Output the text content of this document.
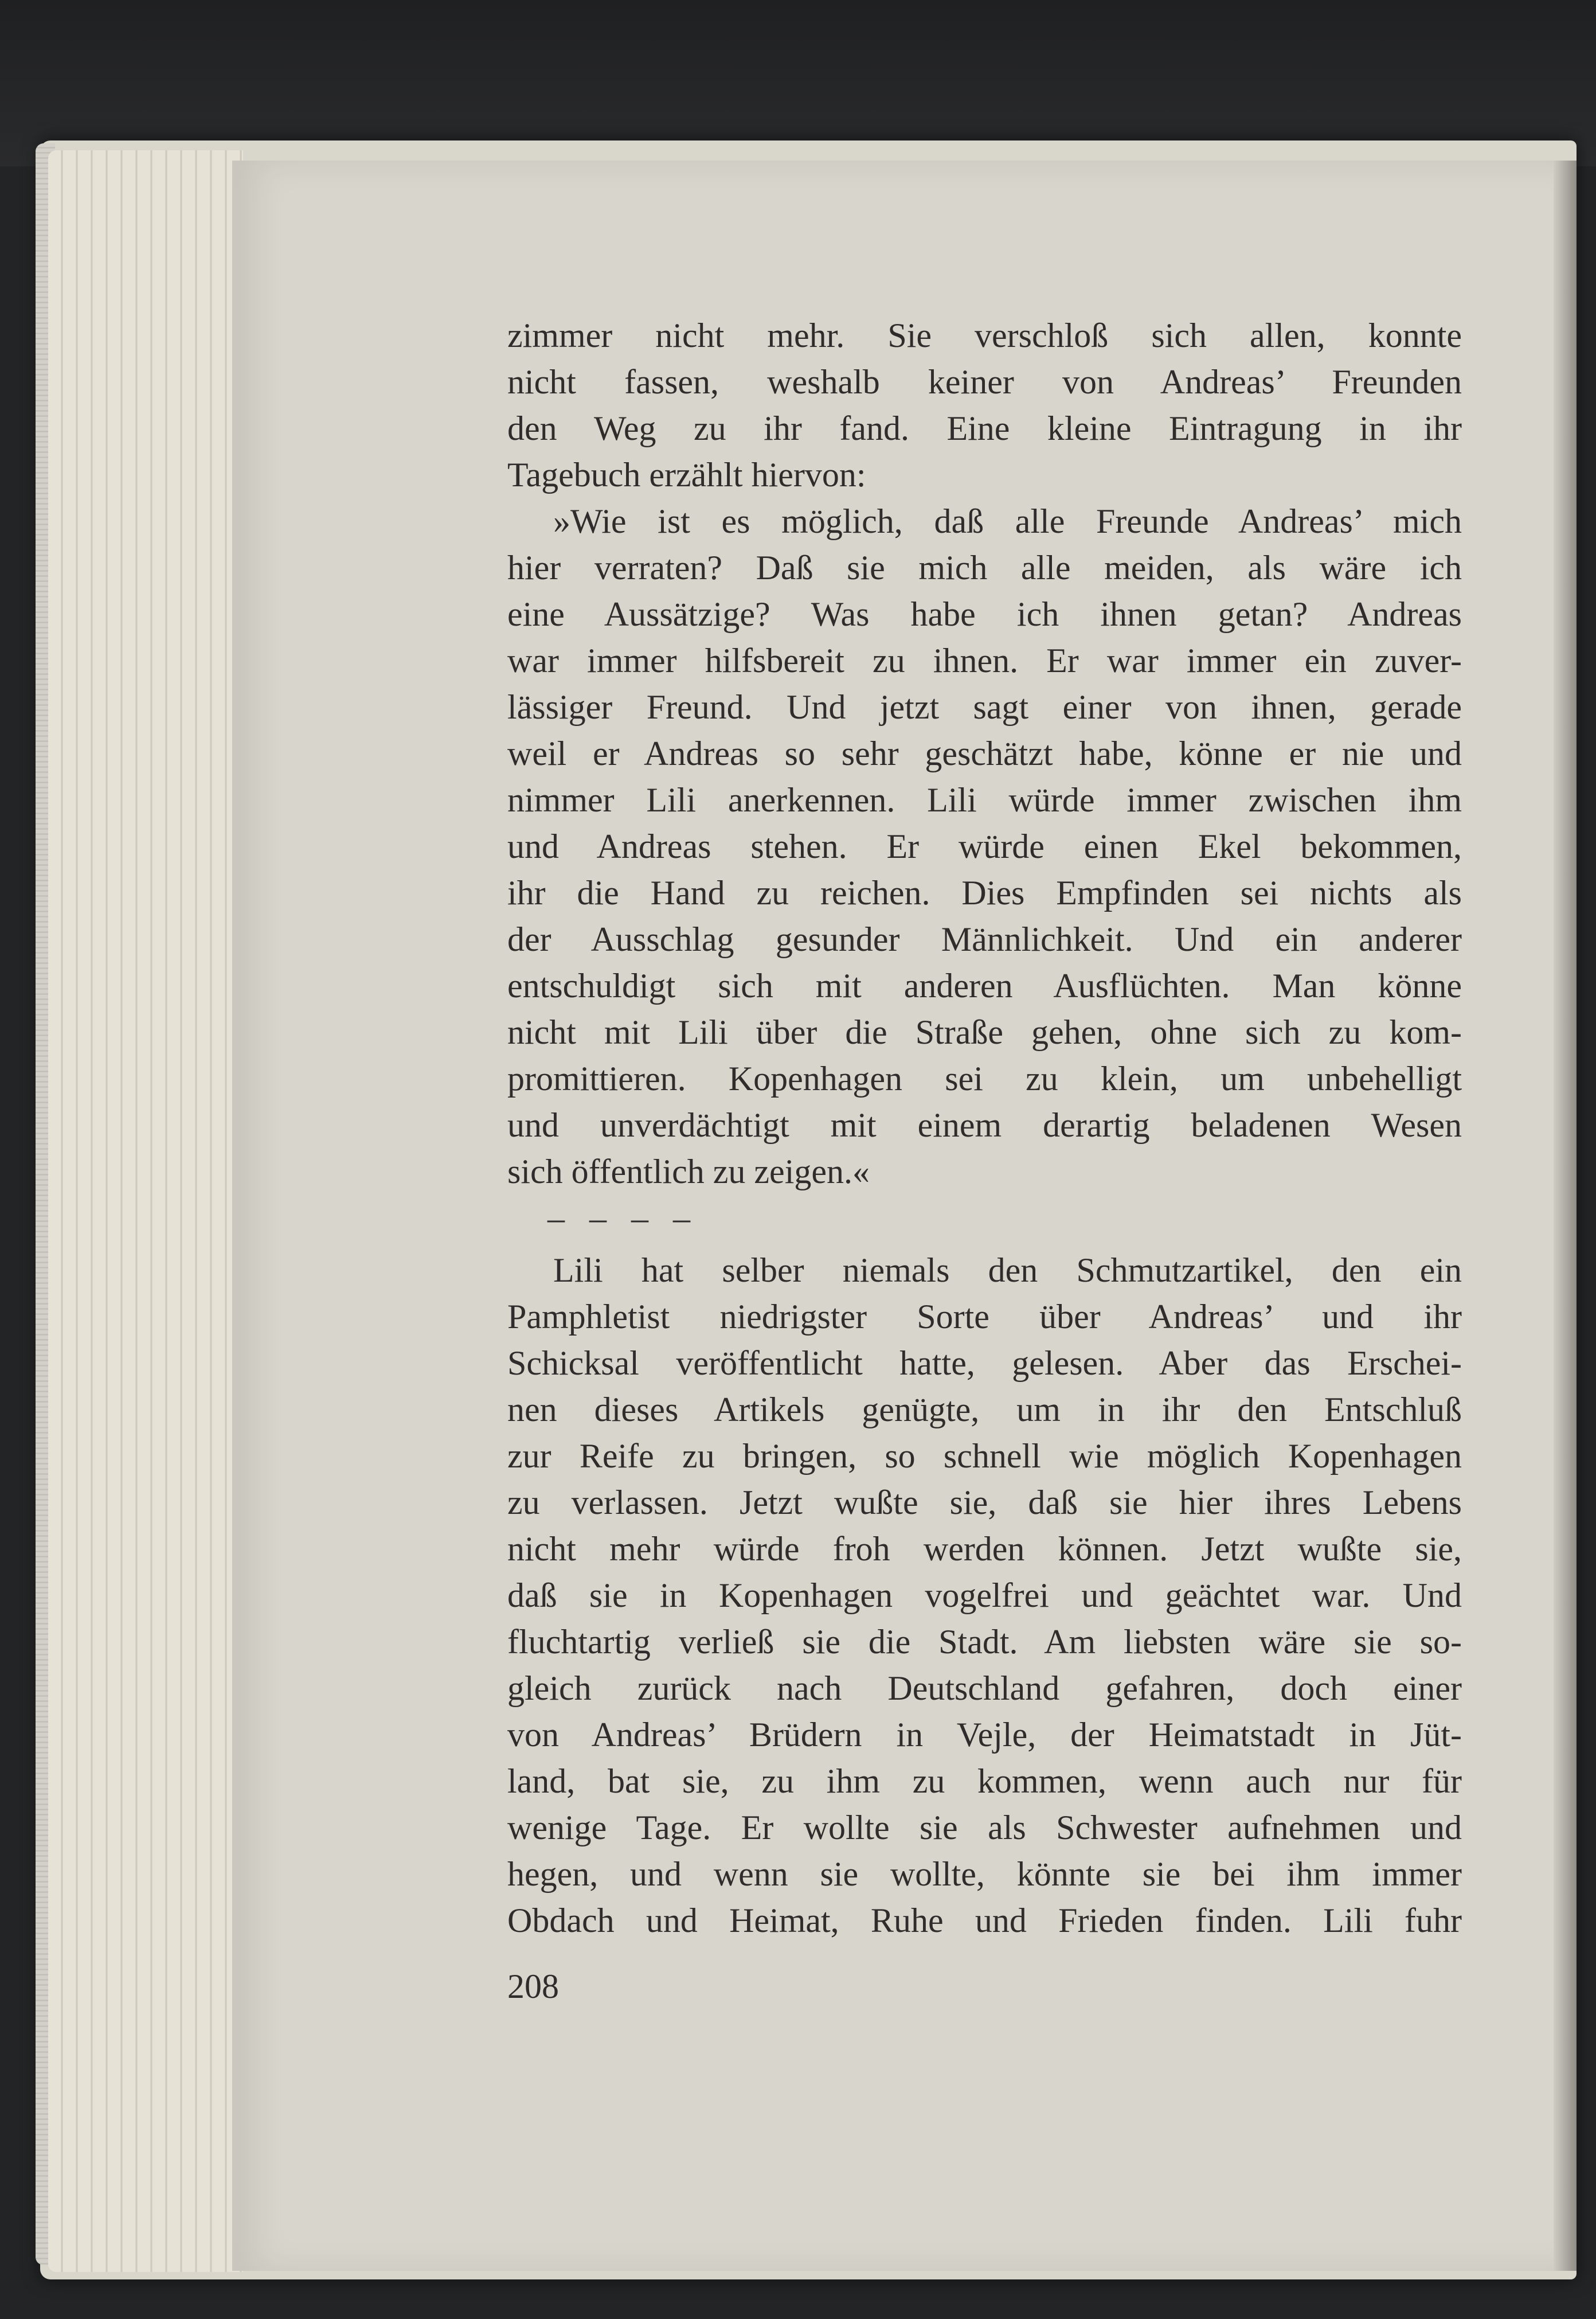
zimmer nicht mehr. Sie verschloß sich allen, konnte
nicht fassen, weshalb keiner von Andreas’ Freunden
den Weg zu ihr fand. Eine kleine Eintragung in ihr
Tagebuch erzählt hiervon:
»Wie ist es möglich, daß alle Freunde Andreas’ mich
hier verraten? Daß sie mich alle meiden, als wäre ich
eine Aussätzige? Was habe ich ihnen getan? Andreas
war immer hilfsbereit zu ihnen. Er war immer ein zuver-
lässiger Freund. Und jetzt sagt einer von ihnen, gerade
weil er Andreas so sehr geschätzt habe, könne er nie und
nimmer Lili anerkennen. Lili würde immer zwischen ihm
und Andreas stehen. Er würde einen Ekel bekommen,
ihr die Hand zu reichen. Dies Empfinden sei nichts als
der Ausschlag gesunder Männlichkeit. Und ein anderer
entschuldigt sich mit anderen Ausflüchten. Man könne
nicht mit Lili über die Straße gehen, ohne sich zu kom-
promittieren. Kopenhagen sei zu klein, um unbehelligt
und unverdächtigt mit einem derartig beladenen Wesen
sich öffentlich zu zeigen.«
– – – –
Lili hat selber niemals den Schmutzartikel, den ein
Pamphletist niedrigster Sorte über Andreas’ und ihr
Schicksal veröffentlicht hatte, gelesen. Aber das Erschei-
nen dieses Artikels genügte, um in ihr den Entschluß
zur Reife zu bringen, so schnell wie möglich Kopenhagen
zu verlassen. Jetzt wußte sie, daß sie hier ihres Lebens
nicht mehr würde froh werden können. Jetzt wußte sie,
daß sie in Kopenhagen vogelfrei und geächtet war. Und
fluchtartig verließ sie die Stadt. Am liebsten wäre sie so-
gleich zurück nach Deutschland gefahren, doch einer
von Andreas’ Brüdern in Vejle, der Heimatstadt in Jüt-
land, bat sie, zu ihm zu kommen, wenn auch nur für
wenige Tage. Er wollte sie als Schwester aufnehmen und
hegen, und wenn sie wollte, könnte sie bei ihm immer
Obdach und Heimat, Ruhe und Frieden finden. Lili fuhr
208
